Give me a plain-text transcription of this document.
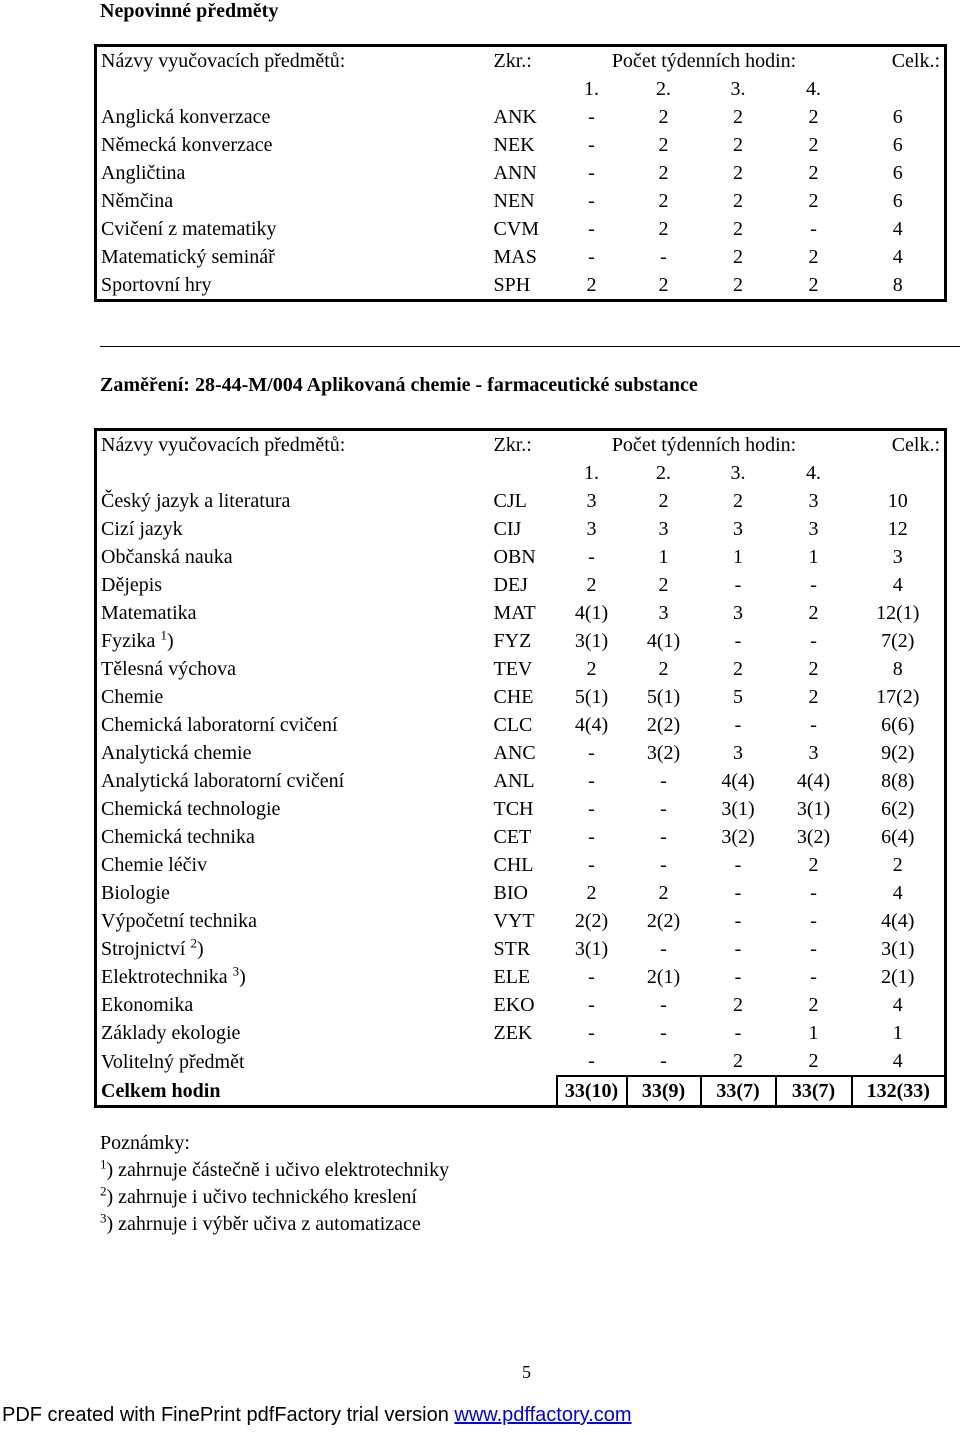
Nepovinné předměty
Názvy vyučovacích předmětů:	Zkr.:	Počet týdenních hodin:				Celk.:
		1.	2.	3.	4.	
Anglická konverzace	ANK	-	2	2	2	6
Německá konverzace	NEK	-	2	2	2	6
Angličtina	ANN	-	2	2	2	6
Němčina	NEN	-	2	2	2	6
Cvičení z matematiky	CVM	-	2	2	-	4
Matematický seminář	MAS	-	-	2	2	4
Sportovní hry	SPH	2	2	2	2	8
Zaměření: 28-44-M/004 Aplikovaná chemie - farmaceutické substance
Názvy vyučovacích předmětů:	Zkr.:	Počet týdenních hodin:				Celk.:
		1.	2.	3.	4.	
Český jazyk a literatura	CJL	3	2	2	3	10
Cizí jazyk	CIJ	3	3	3	3	12
Občanská nauka	OBN	-	1	1	1	3
Dějepis	DEJ	2	2	-	-	4
Matematika	MAT	4(1)	3	3	2	12(1)
Fyzika $^1$)	FYZ	3(1)	4(1)	-	-	7(2)
Tělesná výchova	TEV	2	2	2	2	8
Chemie	CHE	5(1)	5(1)	5	2	17(2)
Chemická laboratorní cvičení	CLC	4(4)	2(2)	-	-	6(6)
Analytická chemie	ANC	-	3(2)	3	3	9(2)
Analytická laboratorní cvičení	ANL	-	-	4(4)	4(4)	8(8)
Chemická technologie	TCH	-	-	3(1)	3(1)	6(2)
Chemická technika	CET	-	-	3(2)	3(2)	6(4)
Chemie léčiv	CHL	-	-	-	2	2
Biologie	BIO	2	2	-	-	4
Výpočetní technika	VYT	2(2)	2(2)	-	-	4(4)
Strojnictví $^2$)	STR	3(1)	-	-	-	3(1)
Elektrotechnika $^3$)	ELE	-	2(1)	-	-	2(1)
Ekonomika	EKO	-	-	2	2	4
Základy ekologie	ZEK	-	-	-	1	1
Volitelný předmět		-	-	2	2	4
Celkem hodin		33(10)	33(9)	33(7)	33(7)	132(33)
Poznámky:
$^1$) zahrnuje částečně i učivo elektrotechniky
$^2$) zahrnuje i učivo technického kreslení
$^3$) zahrnuje i výběr učiva z automatizace
5
PDF created with FinePrint pdfFactory trial version www.pdffactory.com
